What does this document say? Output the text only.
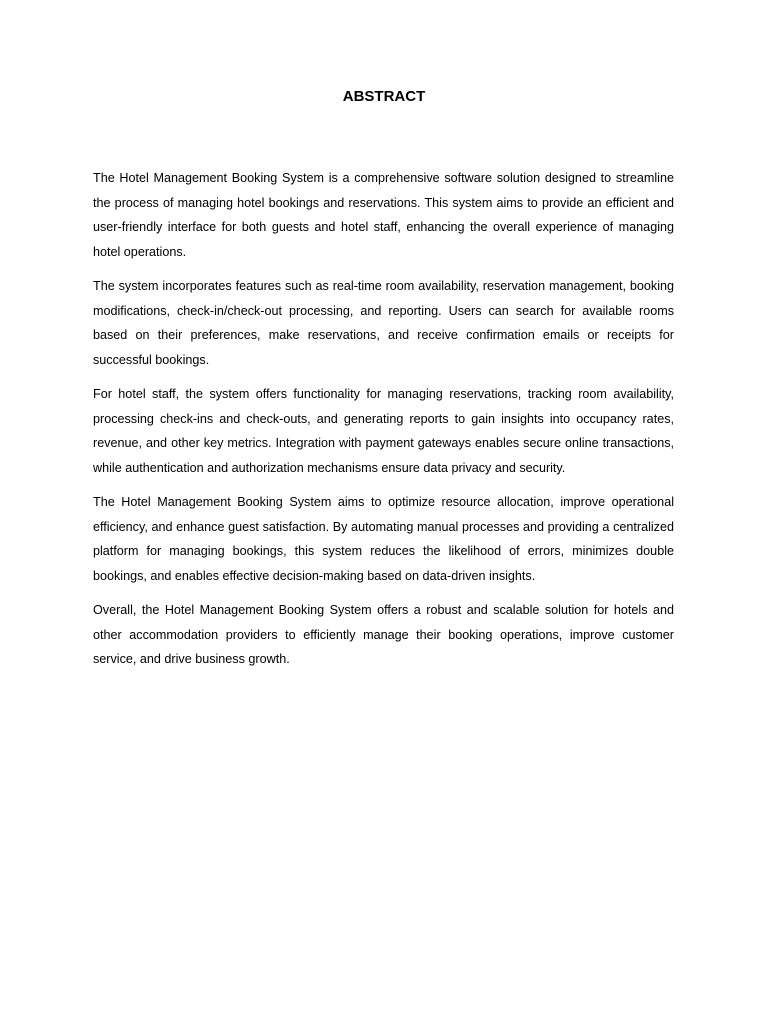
ABSTRACT

The Hotel Management Booking System is a comprehensive software solution designed to streamline the process of managing hotel bookings and reservations. This system aims to provide an efficient and user-friendly interface for both guests and hotel staff, enhancing the overall experience of managing hotel operations.

The system incorporates features such as real-time room availability, reservation management, booking modifications, check-in/check-out processing, and reporting. Users can search for available rooms based on their preferences, make reservations, and receive confirmation emails or receipts for successful bookings.

For hotel staff, the system offers functionality for managing reservations, tracking room availability, processing check-ins and check-outs, and generating reports to gain insights into occupancy rates, revenue, and other key metrics. Integration with payment gateways enables secure online transactions, while authentication and authorization mechanisms ensure data privacy and security.

The Hotel Management Booking System aims to optimize resource allocation, improve operational efficiency, and enhance guest satisfaction. By automating manual processes and providing a centralized platform for managing bookings, this system reduces the likelihood of errors, minimizes double bookings, and enables effective decision-making based on data-driven insights.

Overall, the Hotel Management Booking System offers a robust and scalable solution for hotels and other accommodation providers to efficiently manage their booking operations, improve customer service, and drive business growth.
